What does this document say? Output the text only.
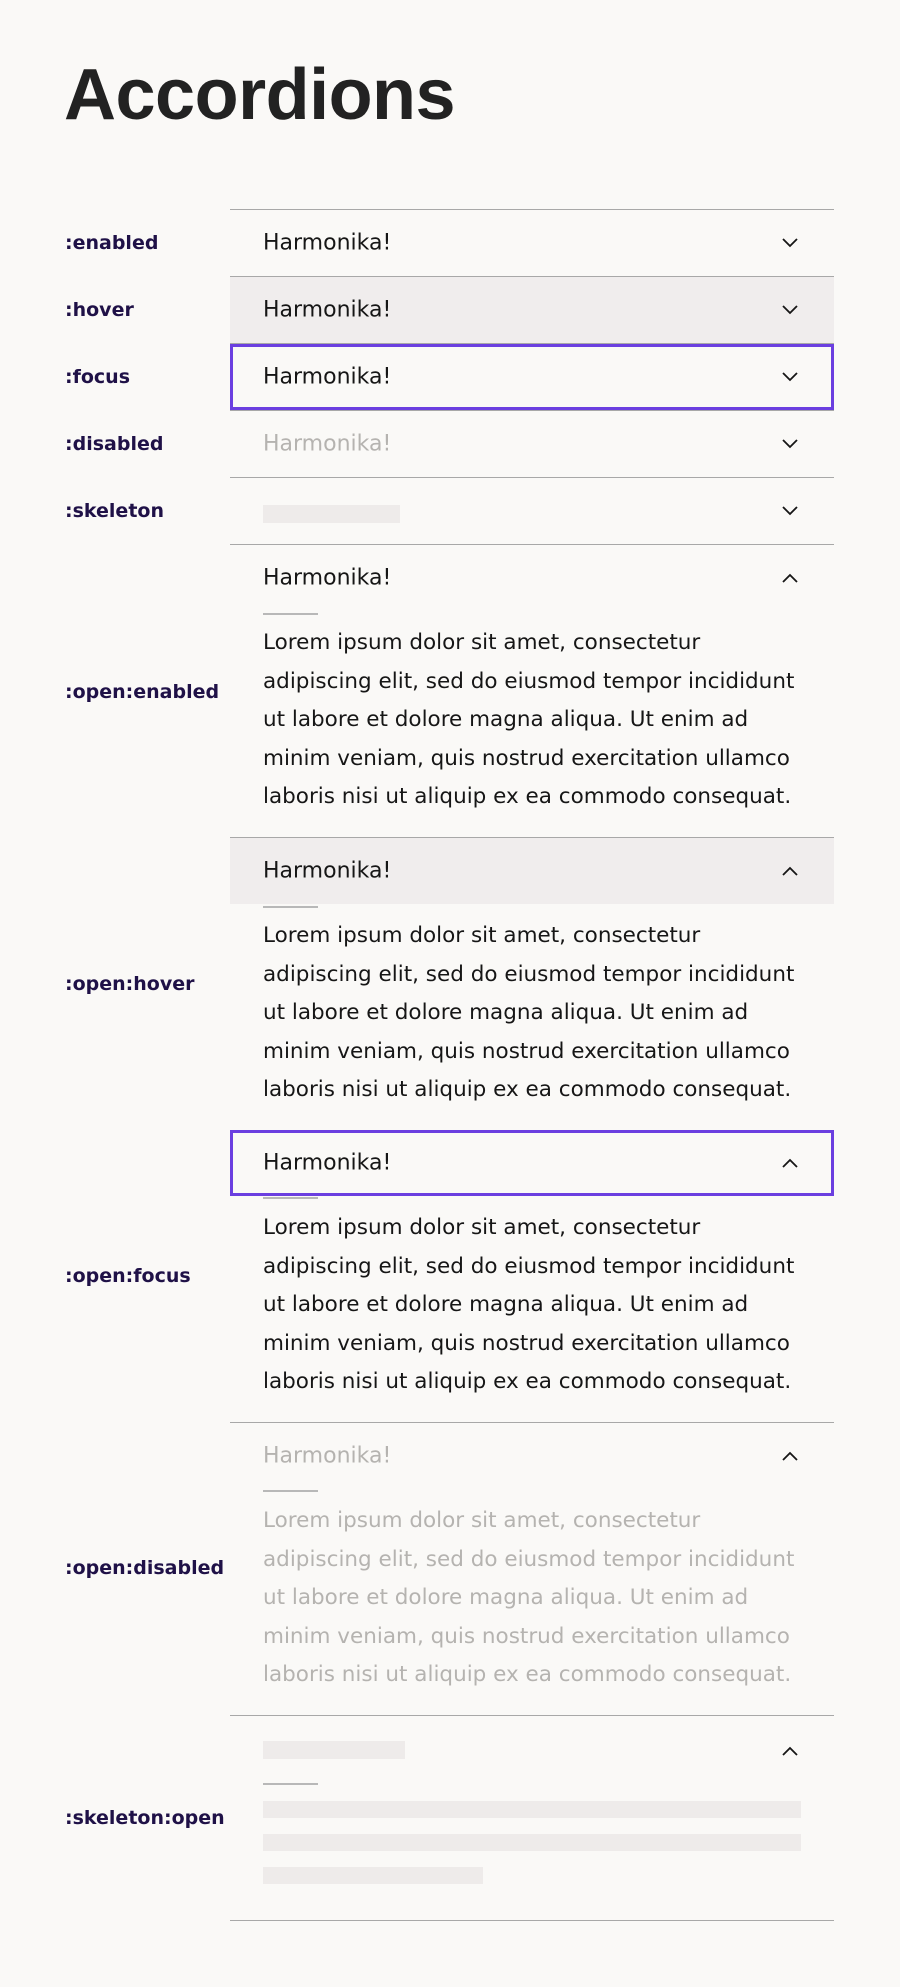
Accordions
:enabled
:hover
:focus
:disabled
:skeleton
:open:enabled
:open:hover
:open:focus
:open:disabled
:skeleton:open
Harmonika!
Harmonika!
Harmonika!
Harmonika!
Harmonika!
Lorem ipsum dolor sit amet, consectetur adipiscing elit, sed do eiusmod tempor incididunt ut labore et dolore magna aliqua. Ut enim ad minim veniam, quis nostrud exercitation ullamco laboris nisi ut aliquip ex ea commodo consequat.
Harmonika!
Lorem ipsum dolor sit amet, consectetur adipiscing elit, sed do eiusmod tempor incididunt ut labore et dolore magna aliqua. Ut enim ad minim veniam, quis nostrud exercitation ullamco laboris nisi ut aliquip ex ea commodo consequat.
Harmonika!
Lorem ipsum dolor sit amet, consectetur adipiscing elit, sed do eiusmod tempor incididunt ut labore et dolore magna aliqua. Ut enim ad minim veniam, quis nostrud exercitation ullamco laboris nisi ut aliquip ex ea commodo consequat.
Harmonika!
Lorem ipsum dolor sit amet, consectetur adipiscing elit, sed do eiusmod tempor incididunt ut labore et dolore magna aliqua. Ut enim ad minim veniam, quis nostrud exercitation ullamco laboris nisi ut aliquip ex ea commodo consequat.
